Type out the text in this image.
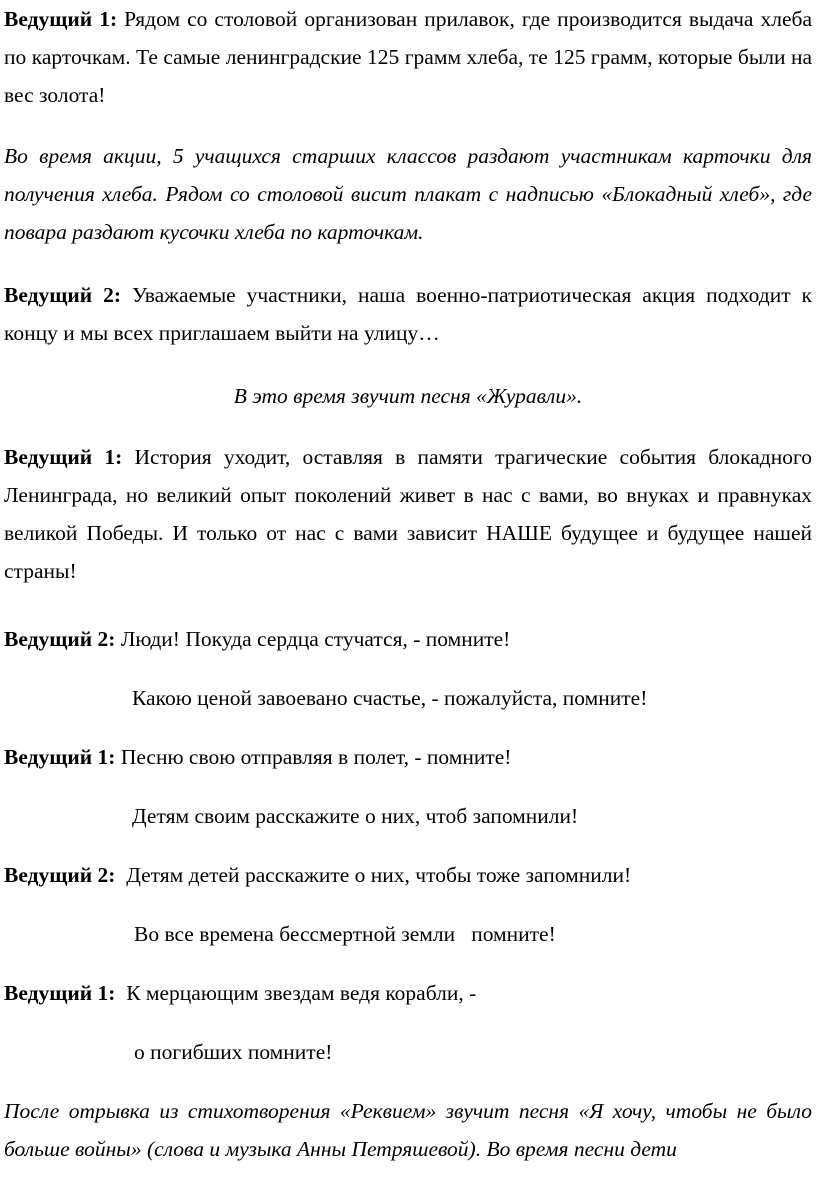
Ведущий 1: Рядом со столовой организован прилавок, где производится выдача хлеба по карточкам. Те самые ленинградские 125 грамм хлеба, те 125 грамм, которые были на вес золота!

Во время акции, 5 учащихся старших классов раздают участникам карточки для получения хлеба. Рядом со столовой висит плакат с надписью «Блокадный хлеб», где повара раздают кусочки хлеба по карточкам.

Ведущий 2: Уважаемые участники, наша военно-патриотическая акция подходит к концу и мы всех приглашаем выйти на улицу…

В это время звучит песня «Журавли».

Ведущий 1: История уходит, оставляя в памяти трагические события блокадного Ленинграда, но великий опыт поколений живет в нас с вами, во внуках и правнуках великой Победы. И только от нас с вами зависит НАШЕ будущее и будущее нашей страны!

Ведущий 2: Люди! Покуда сердца стучатся, - помните!

Какою ценой завоевано счастье, - пожалуйста, помните!

Ведущий 1: Песню свою отправляя в полет, - помните!

Детям своим расскажите о них, чтоб запомнили!

Ведущий 2:  Детям детей расскажите о них, чтобы тоже запомнили!

Во все времена бессмертной земли   помните!

Ведущий 1:  К мерцающим звездам ведя корабли, -

о погибших помните!

После отрывка из стихотворения «Реквием» звучит песня «Я хочу, чтобы не было больше войны» (слова и музыка Анны Петряшевой). Во время песни дети
